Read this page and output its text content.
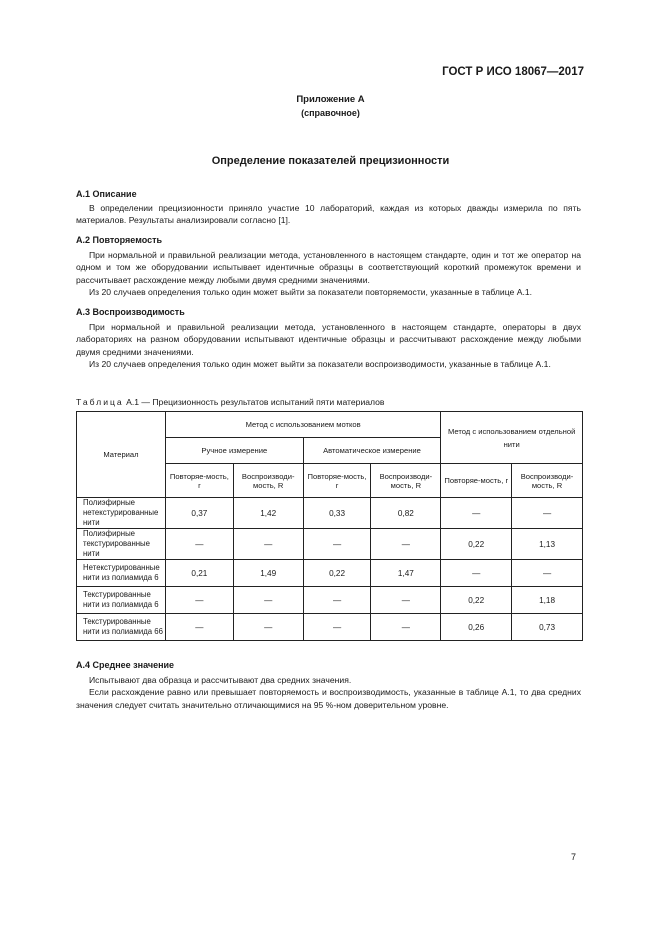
ГОСТ Р ИСО 18067—2017
Приложение А
(справочное)
Определение показателей прецизионности
А.1 Описание

В определении прецизионности приняло участие 10 лабораторий, каждая из которых дважды измерила по пять материалов. Результаты анализировали согласно [1].

А.2 Повторяемость

При нормальной и правильной реализации метода, установленного в настоящем стандарте, один и тот же оператор на одном и том же оборудовании испытывает идентичные образцы в соответствующий короткий промежуток времени и рассчитывает расхождение между любыми двумя средними значениями.

Из 20 случаев определения только один может выйти за показатели повторяемости, указанные в таблице А.1.

А.3 Воспроизводимость

При нормальной и правильной реализации метода, установленного в настоящем стандарте, операторы в двух лабораториях на разном оборудовании испытывают идентичные образцы и рассчитывают расхождение между любыми двумя средними значениями.

Из 20 случаев определения только один может выйти за показатели воспроизводимости, указанные в таблице А.1.

Таблица А.1 — Прецизионность результатов испытаний пяти материалов
Материал	Метод с использованием мотков				Метод с использованием отдельной нити	
	Ручное измерение		Автоматическое измерение			
	Повторяе-мость, r	Воспроизводи-мость, R	Повторяе-мость, r	Воспроизводи-мость, R	Повторяе-мость, r	Воспроизводи-мость, R
Полиэфирные нетекстурированные нити	0,37	1,42	0,33	0,82	—	—
Полиэфирные текстурированные нити	—	—	—	—	0,22	1,13
Нетекстурированные нити из полиамида 6	0,21	1,49	0,22	1,47	—	—
Текстурированные нити из полиамида 6	—	—	—	—	0,22	1,18
Текстурированные нити из полиамида 66	—	—	—	—	0,26	0,73
А.4 Среднее значение

Испытывают два образца и рассчитывают два средних значения.

Если расхождение равно или превышает повторяемость и воспроизводимость, указанные в таблице А.1, то два средних значения следует считать значительно отличающимися на 95 %-ном доверительном уровне.

7
